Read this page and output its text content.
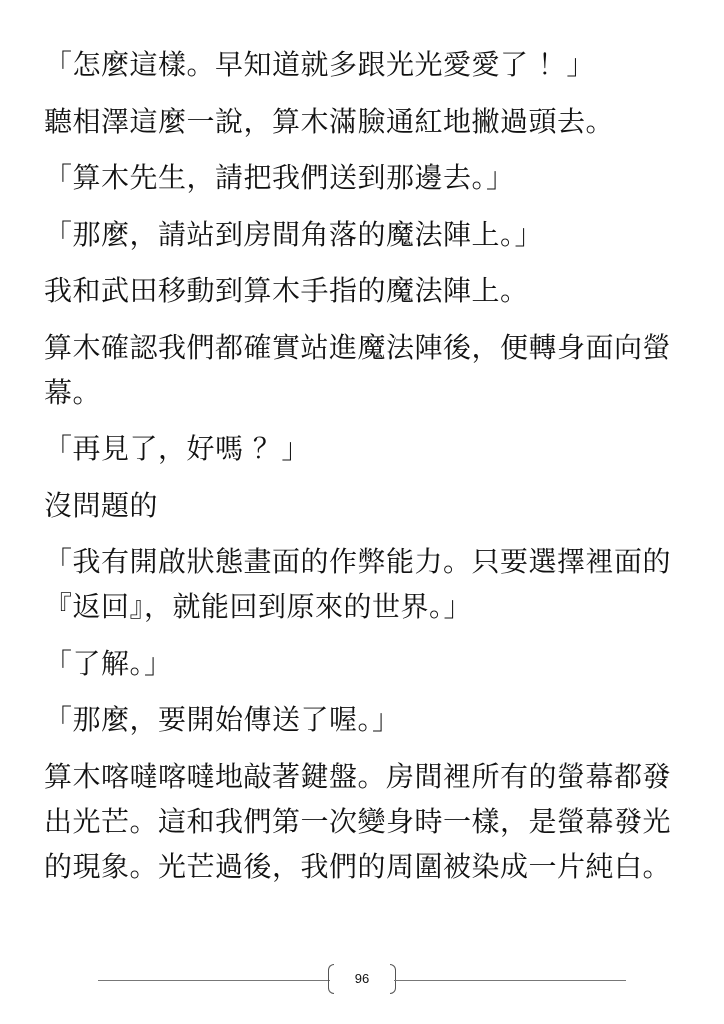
「怎麼這樣。早知道就多跟光光愛愛了 ！」

聽相澤這麼一說，算木滿臉通紅地撇過頭去。

「算木先生，請把我們送到那邊去。」

「那麼，請站到房間角落的魔法陣上。」

我和武田移動到算木手指的魔法陣上。

算木確認我們都確實站進魔法陣後，便轉身面向螢幕。

「再見了，好嗎 ？」

沒問題的

「我有開啟狀態畫面的作弊能力。只要選擇裡面的『返回』，就能回到原來的世界。」

「了解。」

「那麼，要開始傳送了喔。」

算木喀噠喀噠地敲著鍵盤。房間裡所有的螢幕都發出光芒。這和我們第一次變身時一樣，是螢幕發光的現象。光芒過後，我們的周圍被染成一片純白。

96
